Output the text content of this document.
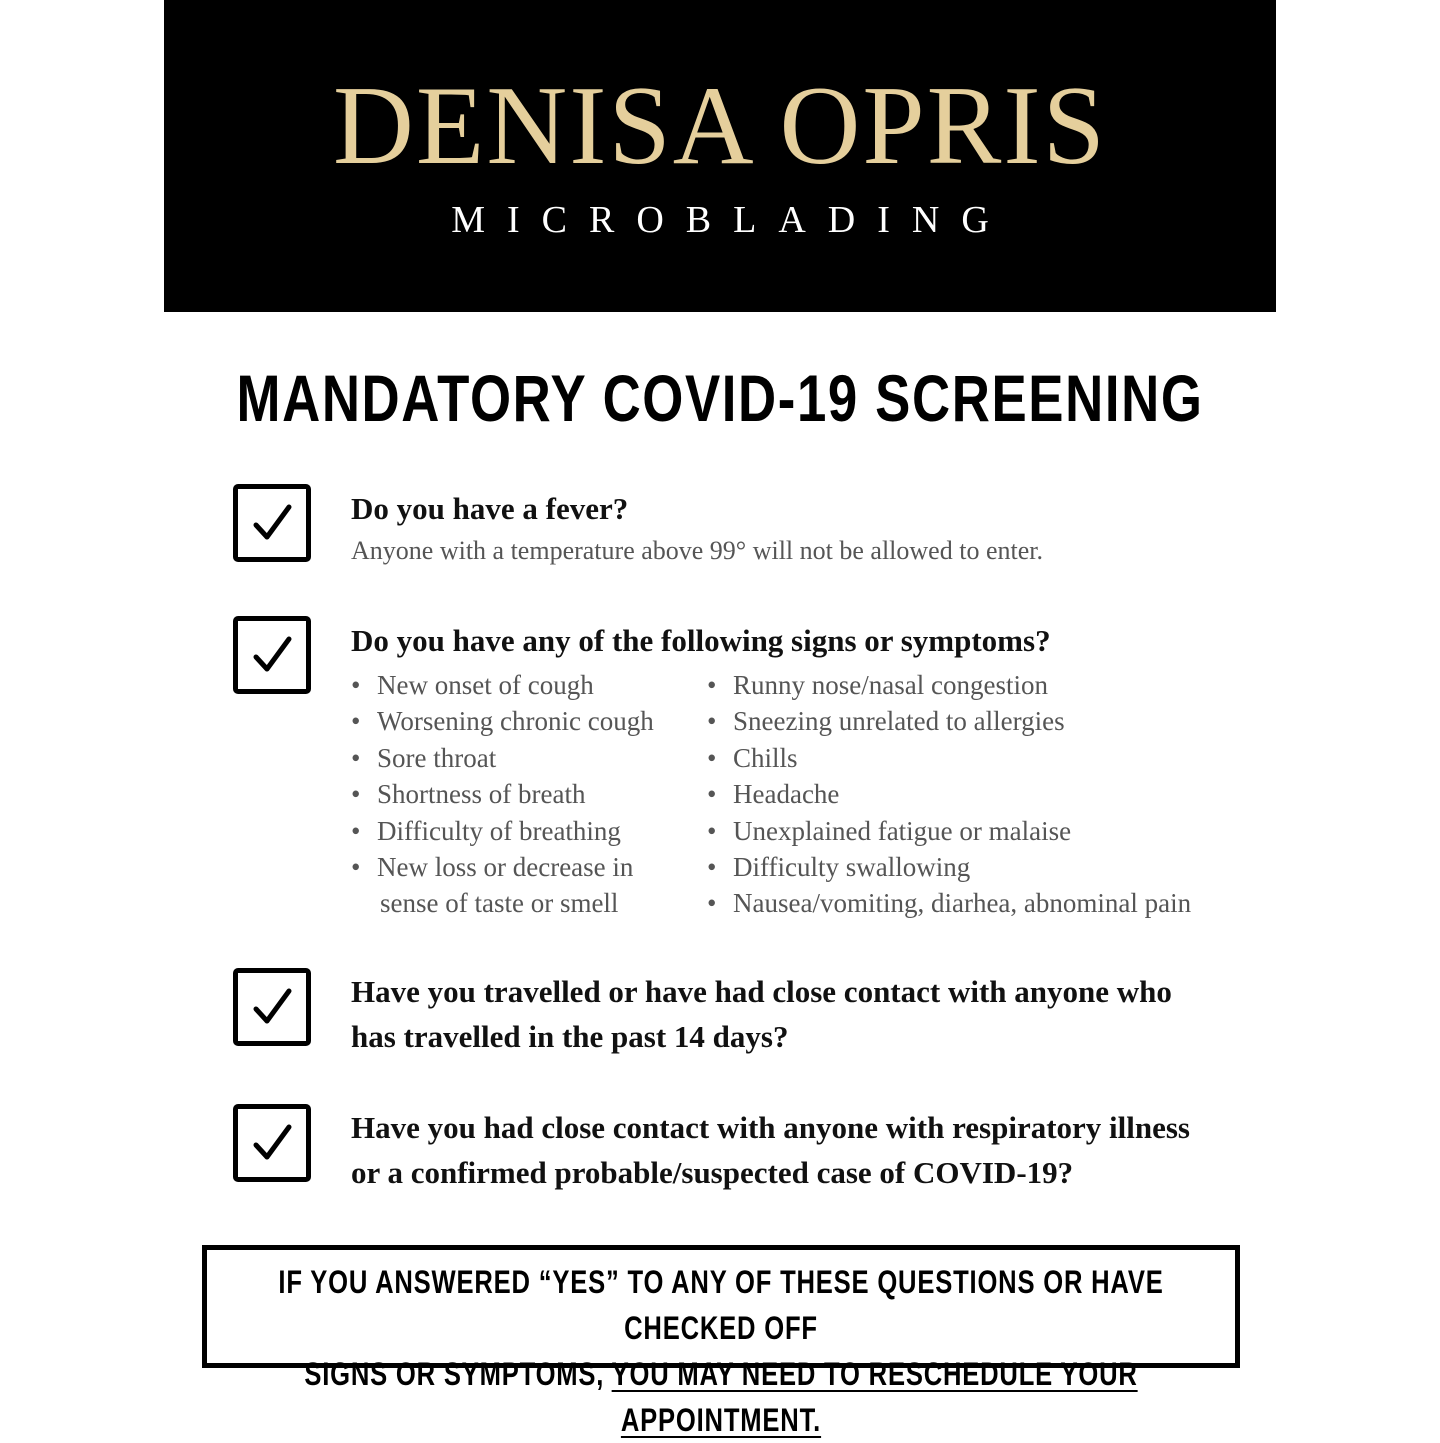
DENISA OPRIS
MICROBLADING
MANDATORY COVID-19 SCREENING
Do you have a fever?
Anyone with a temperature above 99° will not be allowed to enter.
Do you have any of the following signs or symptoms?
• New onset of cough
• Worsening chronic cough
• Sore throat
• Shortness of breath
• Difficulty of breathing
• New loss or decrease in
sense of taste or smell
• Runny nose/nasal congestion
• Sneezing unrelated to allergies
• Chills
• Headache
• Unexplained fatigue or malaise
• Difficulty swallowing
• Nausea/vomiting, diarhea, abnominal pain
Have you travelled or have had close contact with anyone who
has travelled in the past 14 days?
Have you had close contact with anyone with respiratory illness
or a confirmed probable/suspected case of COVID-19?
IF YOU ANSWERED “YES” TO ANY OF THESE QUESTIONS OR HAVE CHECKED OFF
SIGNS OR SYMPTOMS, YOU MAY NEED TO RESCHEDULE YOUR APPOINTMENT.
